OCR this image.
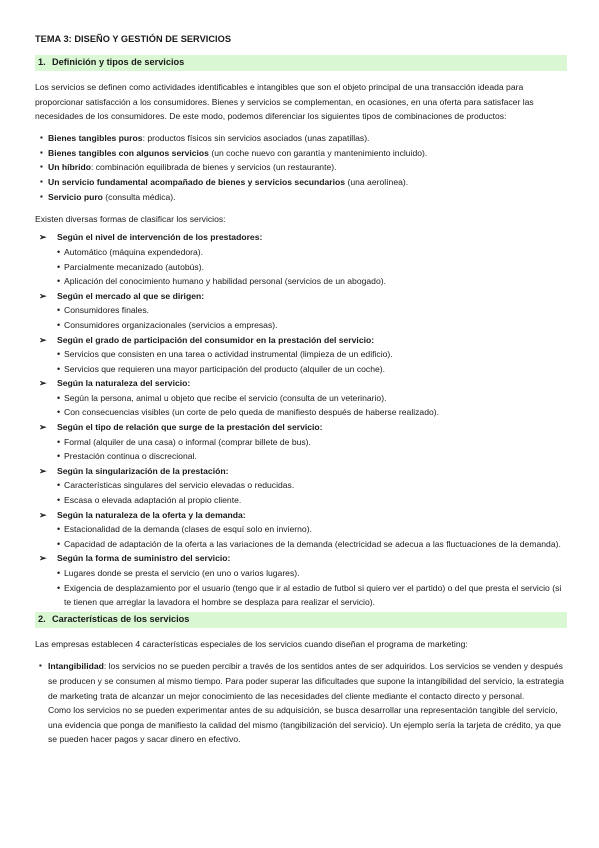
TEMA 3: DISEÑO Y GESTIÓN DE SERVICIOS
1. Definición y tipos de servicios

Los servicios se definen como actividades identificables e intangibles que son el objeto principal de una transacción ideada para proporcionar satisfacción a los consumidores. Bienes y servicios se complementan, en ocasiones, en una oferta para satisfacer las necesidades de los consumidores. De este modo, podemos diferenciar los siguientes tipos de combinaciones de productos:

▪ Bienes tangibles puros: productos físicos sin servicios asociados (unas zapatillas).
▪ Bienes tangibles con algunos servicios (un coche nuevo con garantía y mantenimiento incluido).
▪ Un híbrido: combinación equilibrada de bienes y servicios (un restaurante).
▪ Un servicio fundamental acompañado de bienes y servicios secundarios (una aerolínea).
▪ Servicio puro (consulta médica).

Existen diversas formas de clasificar los servicios:

➢ Según el nivel de intervención de los prestadores:
• Automático (máquina expendedora).
• Parcialmente mecanizado (autobús).
• Aplicación del conocimiento humano y habilidad personal (servicios de un abogado).
➢ Según el mercado al que se dirigen:
• Consumidores finales.
• Consumidores organizacionales (servicios a empresas).
➢ Según el grado de participación del consumidor en la prestación del servicio:
• Servicios que consisten en una tarea o actividad instrumental (limpieza de un edificio).
• Servicios que requieren una mayor participación del producto (alquiler de un coche).
➢ Según la naturaleza del servicio:
• Según la persona, animal u objeto que recibe el servicio (consulta de un veterinario).
• Con consecuencias visibles (un corte de pelo queda de manifiesto después de haberse realizado).
➢ Según el tipo de relación que surge de la prestación del servicio:
• Formal (alquiler de una casa) o informal (comprar billete de bus).
• Prestación continua o discrecional.
➢ Según la singularización de la prestación:
• Características singulares del servicio elevadas o reducidas.
• Escasa o elevada adaptación al propio cliente.
➢ Según la naturaleza de la oferta y la demanda:
• Estacionalidad de la demanda (clases de esquí solo en invierno).
• Capacidad de adaptación de la oferta a las variaciones de la demanda (electricidad se adecua a las fluctuaciones de la demanda).
➢ Según la forma de suministro del servicio:
• Lugares donde se presta el servicio (en uno o varios lugares).
• Exigencia de desplazamiento por el usuario (tengo que ir al estadio de futbol si quiero ver el partido) o del que presta el servicio (si te tienen que arreglar la lavadora el hombre se desplaza para realizar el servicio).
2. Características de los servicios

Las empresas establecen 4 características especiales de los servicios cuando diseñan el programa de marketing:

▪ Intangibilidad: los servicios no se pueden percibir a través de los sentidos antes de ser adquiridos. Los servicios se venden y después se producen y se consumen al mismo tiempo. Para poder superar las dificultades que supone la intangibilidad del servicio, la estrategia de marketing trata de alcanzar un mejor conocimiento de las necesidades del cliente mediante el contacto directo y personal.

Como los servicios no se pueden experimentar antes de su adquisición, se busca desarrollar una representación tangible del servicio, una evidencia que ponga de manifiesto la calidad del mismo (tangibilización del servicio). Un ejemplo sería la tarjeta de crédito, ya que se pueden hacer pagos y sacar dinero en efectivo.
